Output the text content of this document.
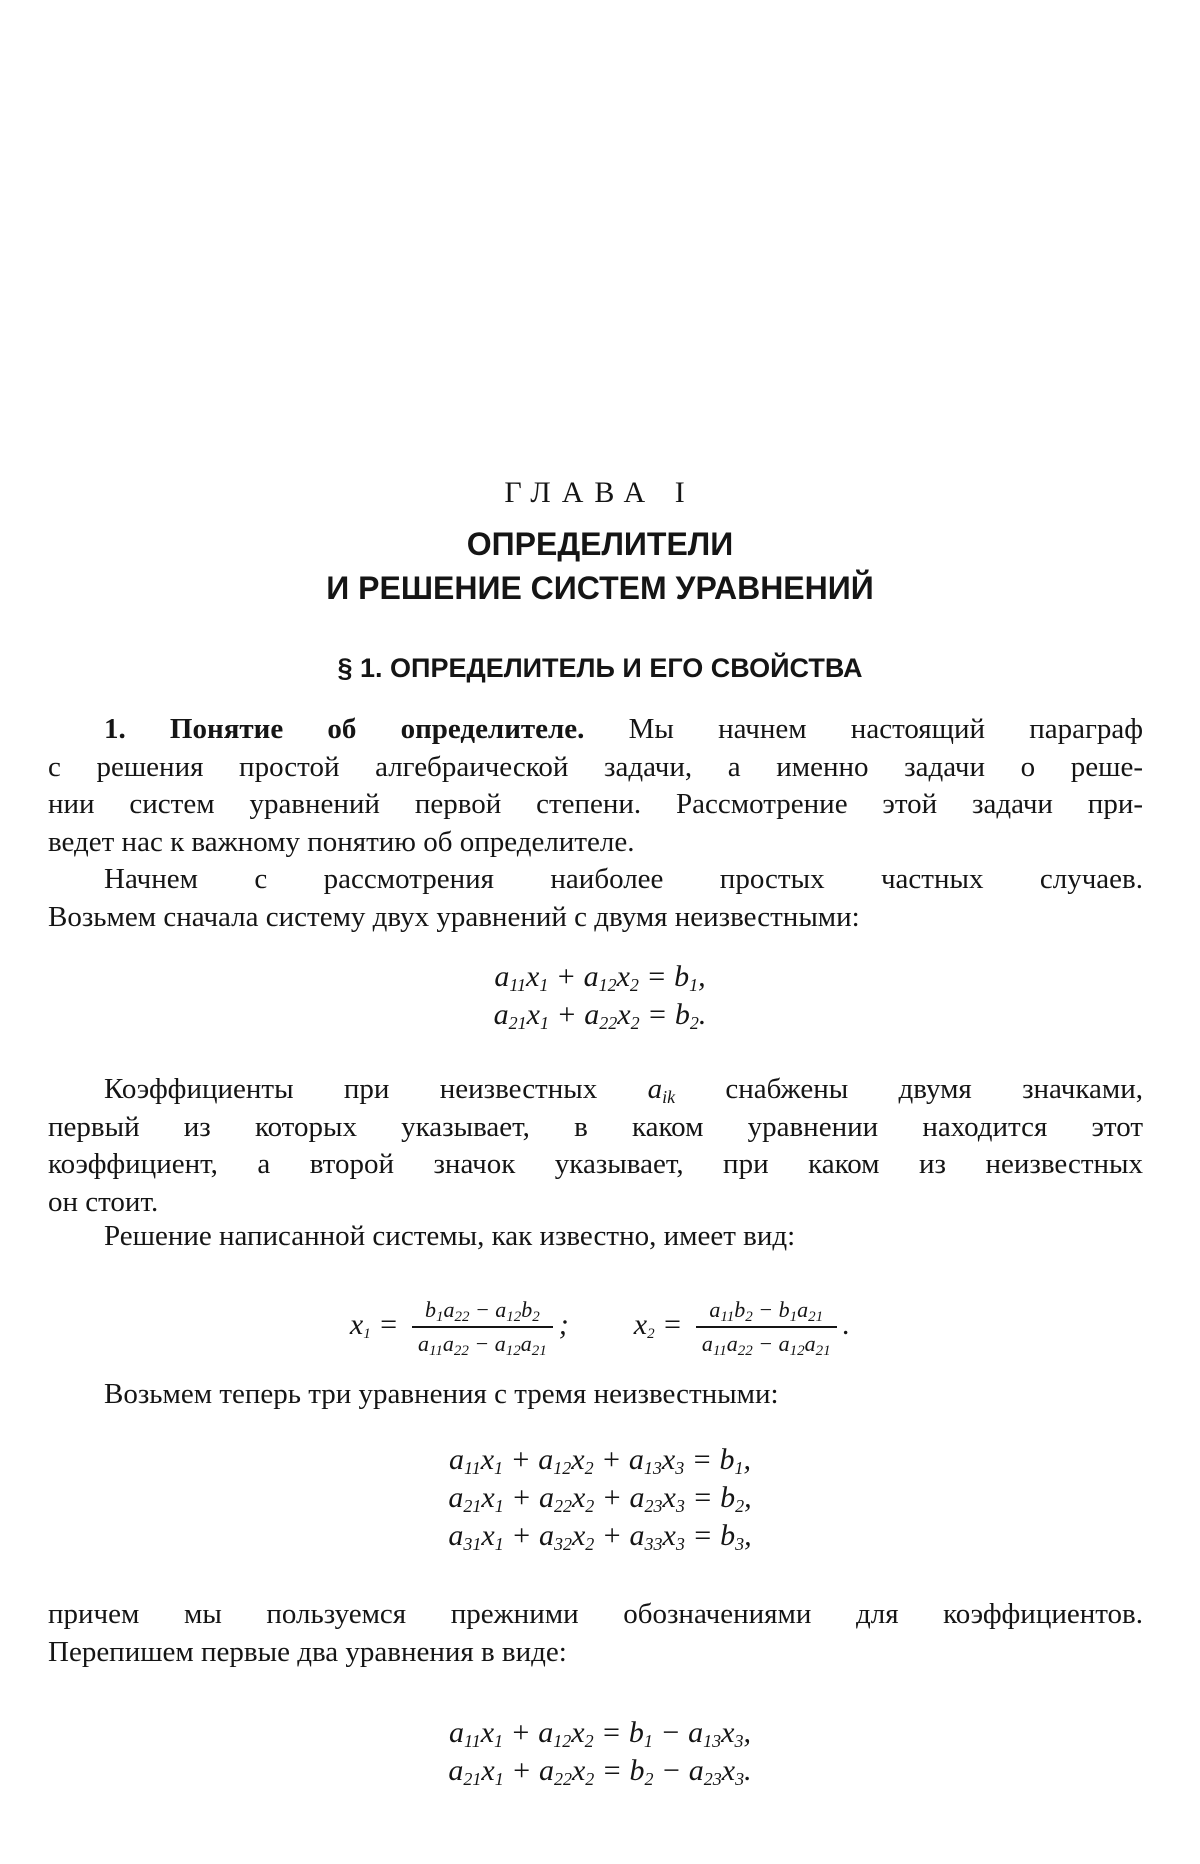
ГЛАВА I
ОПРЕДЕЛИТЕЛИ
И РЕШЕНИЕ СИСТЕМ УРАВНЕНИЙ
§ 1. ОПРЕДЕЛИТЕЛЬ И ЕГО СВОЙСТВА
1. Понятие об определителе. Мы начнем настоящий параграф
с решения простой алгебраической задачи, а именно задачи о реше-
нии систем уравнений первой степени. Рассмотрение этой задачи при-
ведет нас к важному понятию об определителе.
Начнем с рассмотрения наиболее простых частных случаев.
Возьмем сначала систему двух уравнений с двумя неизвестными:
$a_{11}x_1 + a_{12}x_2 = b_1$,
$a_{21}x_1 + a_{22}x_2 = b_2$.
Коэффициенты при неизвестных $a_{ik}$ снабжены двумя значками,
первый из которых указывает, в каком уравнении находится этот
коэффициент, а второй значок указывает, при каком из неизвестных
он стоит.
Решение написанной системы, как известно, имеет вид:
$x_1 = \frac{b_1a_{22} - a_{12}b_2}{a_{11}a_{22} - a_{12}a_{21}}$ ;  $x_2 = \frac{a_{11}b_2 - b_1a_{21}}{a_{11}a_{22} - a_{12}a_{21}}$ .
Возьмем теперь три уравнения с тремя неизвестными:
$a_{11}x_1 + a_{12}x_2 + a_{13}x_3 = b_1$,
$a_{21}x_1 + a_{22}x_2 + a_{23}x_3 = b_2$,
$a_{31}x_1 + a_{32}x_2 + a_{33}x_3 = b_3$,
причем мы пользуемся прежними обозначениями для коэффициентов.
Перепишем первые два уравнения в виде:
$a_{11}x_1 + a_{12}x_2 = b_1 - a_{13}x_3$,
$a_{21}x_1 + a_{22}x_2 = b_2 - a_{23}x_3$.
